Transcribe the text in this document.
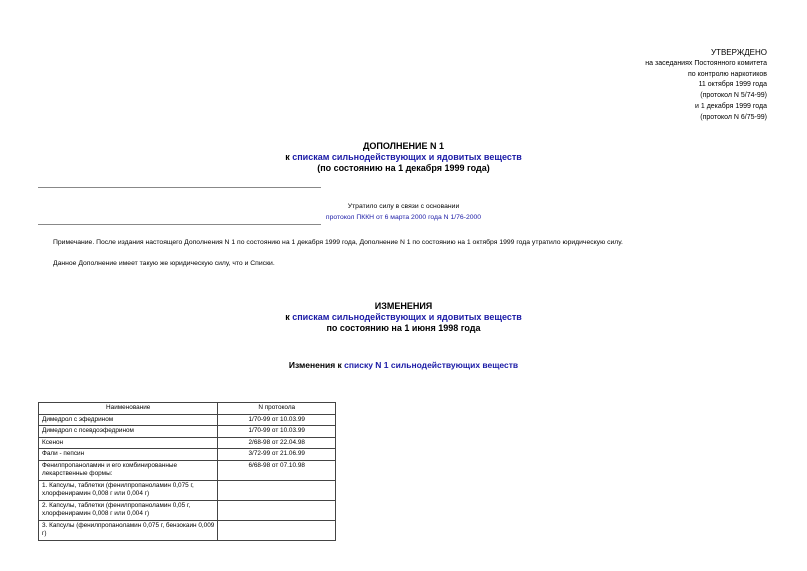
УТВЕРЖДЕНО
на заседаниях Постоянного комитета
по контролю наркотиков
11 октября 1999 года
(протокол N 5/74-99)
и 1 декабря 1999 года
(протокол N 6/75-99)
ДОПОЛНЕНИЕ N 1
к спискам сильнодействующих и ядовитых веществ
(по состоянию на 1 декабря 1999 года)
Утратило силу в связи с основании
протокол ПККН от 6 марта 2000 года N 1/76-2000
Примечание. После издания настоящего Дополнения N 1 по состоянию на 1 декабря 1999 года, Дополнение N 1 по состоянию на 1 октября 1999 года утратило юридическую силу.
Данное Дополнение имеет такую же юридическую силу, что и Списки.
ИЗМЕНЕНИЯ
к спискам сильнодействующих и ядовитых веществ
по состоянию на 1 июня 1998 года
Изменения к списку N 1 сильнодействующих веществ
Наименование	N протокола
Димедрол с эфедрином	1/70-99 от 10.03.99
Димедрол с псевдоэфедрином	1/70-99 от 10.03.99
Ксенон	2/68-98 от 22.04.98
Фали - пепсин	3/72-99 от 21.06.99
Фенилпропаноламин и его комбинированные лекарственные формы:	6/68-98 от 07.10.98
1. Капсулы, таблетки (фенилпропаноламин 0,075 г, хлорфенирамин 0,008 г или 0,004 г)	
2. Капсулы, таблетки (фенилпропаноламин 0,05 г, хлорфенирамин 0,008 г или 0,004 г)	
3. Капсулы (фенилпропаноламин 0,075 г, бензокаин 0,009 г)	
